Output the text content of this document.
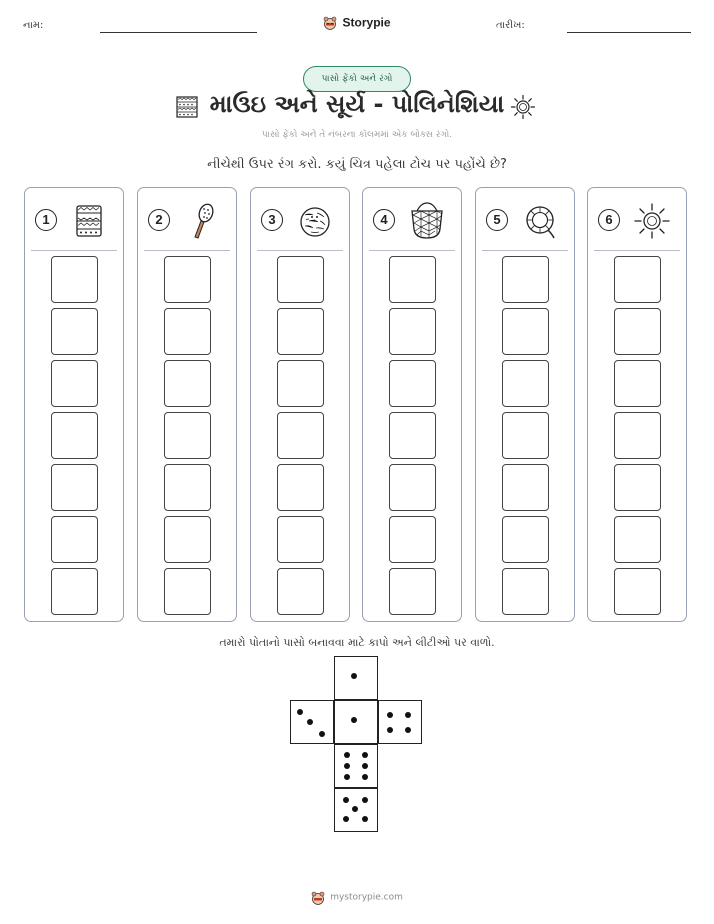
નામ:	Storypie	તારીખ:
પાસો ફેંકો અને રંગો
માઉઇ અને સૂર્ય - પોલિનેશિયા
પાસો ફેંકો અને તે નંબરના કૉલમમાં એક બોક્સ રંગો.
નીચેથી ઉપર રંગ કરો. કયું ચિત્ર પહેલા ટોચ પર પહોંચે છે?
1	2	3	4	5	6
તમારો પોતાનો પાસો બનાવવા માટે કાપો અને લીટીઓ પર વાળો.
mystorypie.com
